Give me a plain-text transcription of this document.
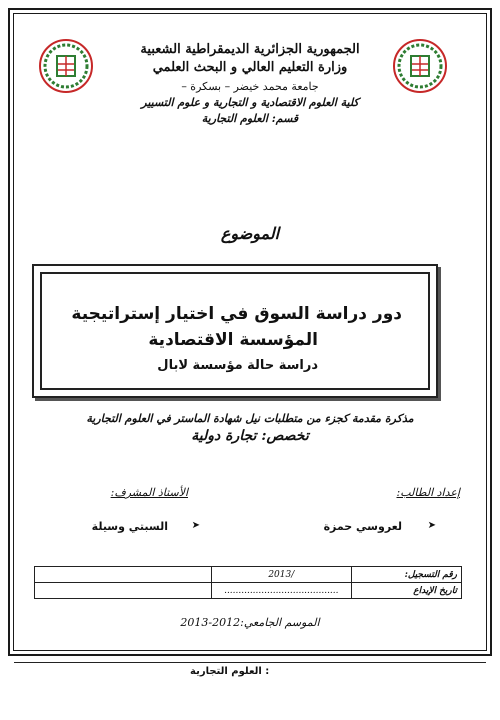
الجمهورية الجزائرية الديمقراطية الشعبية
وزارة التعليم العالي و البحث العلمي
جامعة محمد خيضر – بسكرة –
كلية العلوم الاقتصادية و التجارية و علوم التسيير
قسم: العلوم التجارية
الموضوع
دور دراسة السوق في اختيار إستراتيجية
المؤسسة الاقتصادية
دراسة حالة مؤسسة لابال
مذكرة مقدمة كجزء من متطلبات نيل شهادة الماستر في العلوم التجارية
تخصص: تجارة دولية
إعداد الطالب:
الأستاذ المشرف:
➤
لعروسي حمزة
➤
السبتي وسيلة
	/2013	رقم التسجيل:
	........................................	تاريخ الإيداع
الموسم الجامعي:2012-2013
: العلوم التجارية
